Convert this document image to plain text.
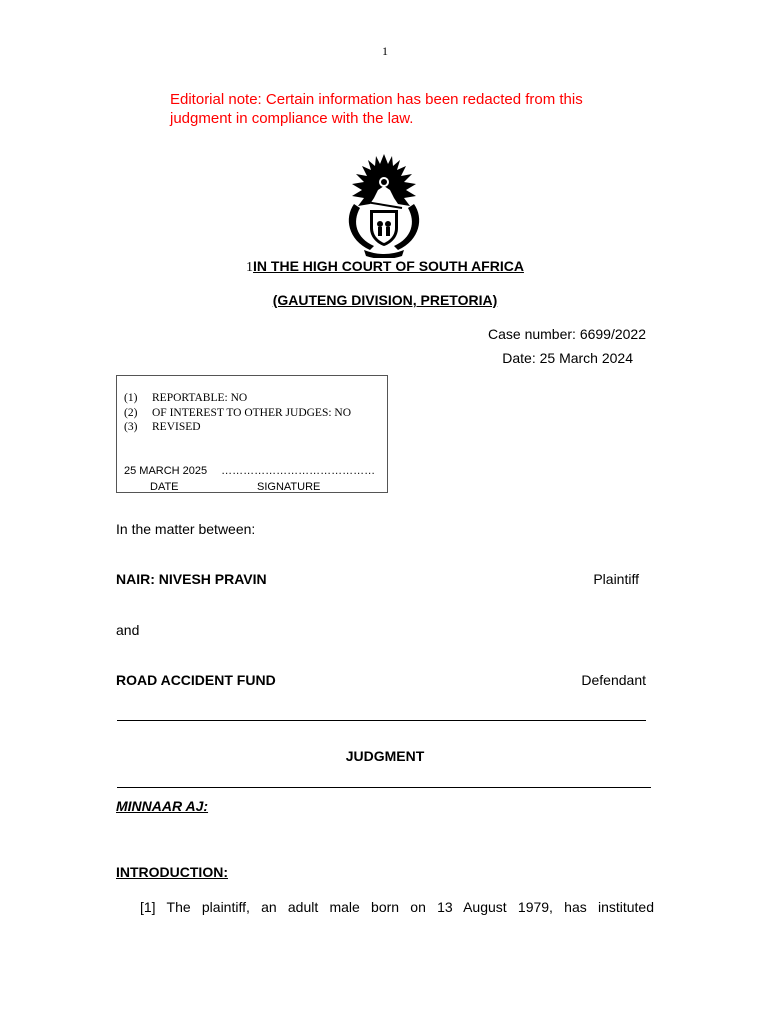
1
Editorial note: Certain information has been redacted from this judgment in compliance with the law.
1IN THE HIGH COURT OF SOUTH AFRICA
(GAUTENG DIVISION, PRETORIA)
Case number: 6699/2022
Date: 25 March 2024
(1) REPORTABLE: NO
(2) OF INTEREST TO OTHER JUDGES: NO
(3) REVISED
25 MARCH 2025 ……………………………………
DATE	SIGNATURE
In the matter between:
NAIR: NIVESH PRAVIN	Plaintiff
and
ROAD ACCIDENT FUND	Defendant
JUDGMENT
MINNAAR AJ:
INTRODUCTION:
[1] The plaintiff, an adult male born on 13 August 1979, has instituted
